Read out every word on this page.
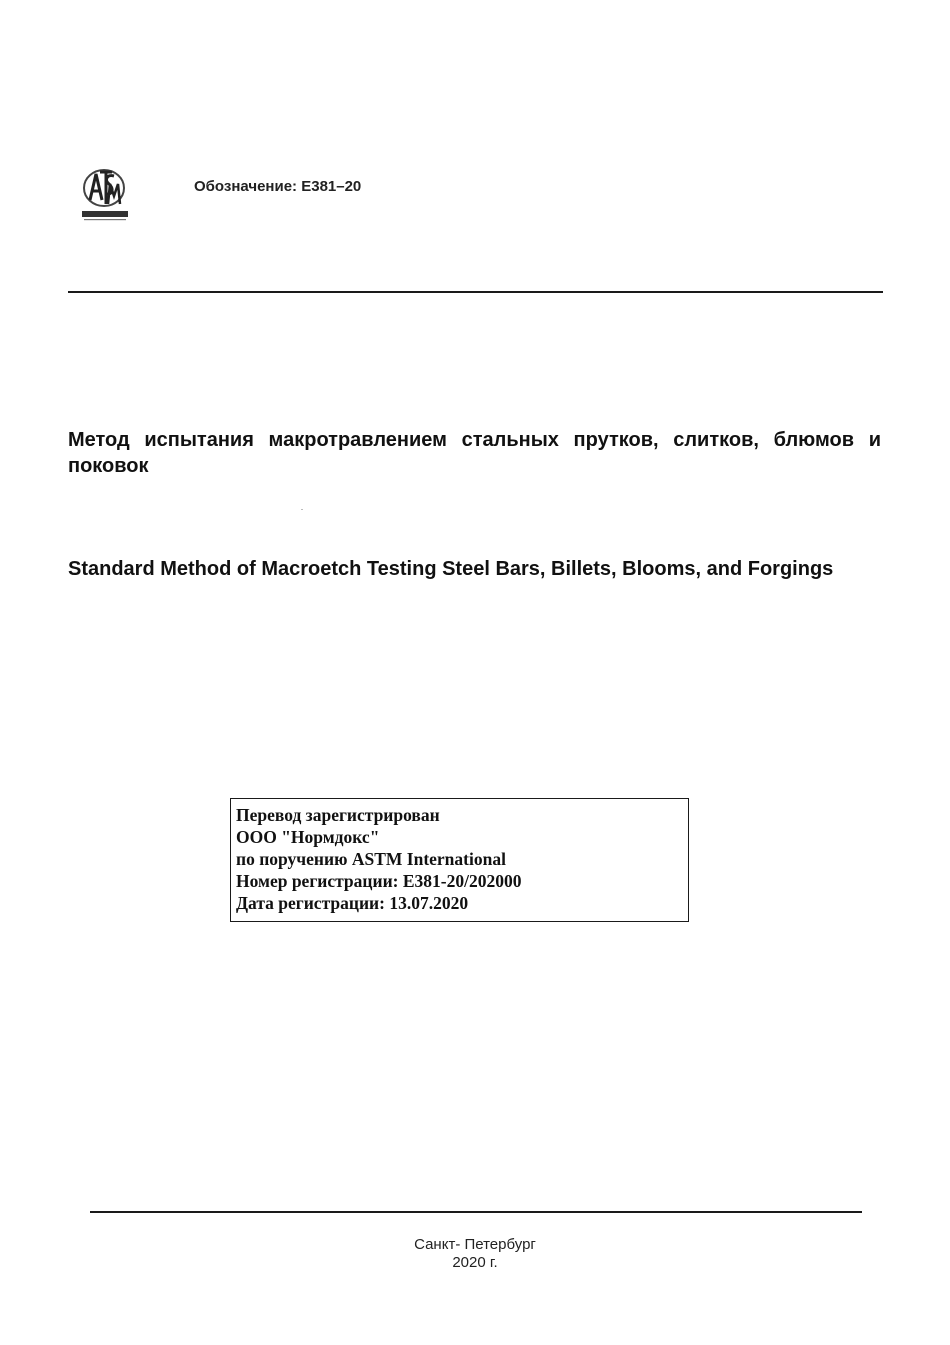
Обозначение: E381–20
Метод испытания макротравлением стальных прутков, слитков, блюмов и поковок
Standard Method of Macroetch Testing Steel Bars, Billets, Blooms, and Forgings
Перевод зарегистрирован
ООО "Нормдокс"
по поручению ASTM International
Номер регистрации: E381-20/202000
Дата регистрации: 13.07.2020
Санкт- Петербург
2020 г.
